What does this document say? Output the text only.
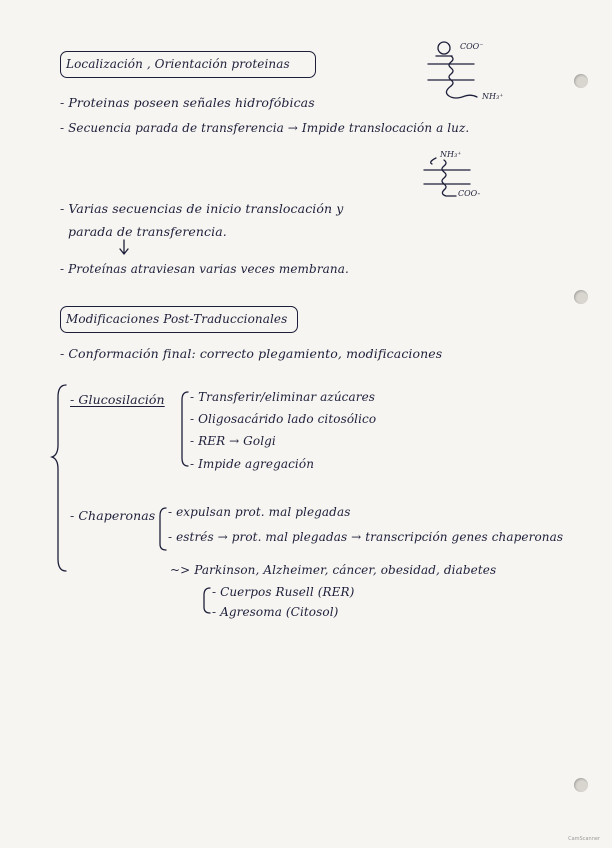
Localización , Orientación proteinas
COO⁻
NH₃⁺
- Proteinas poseen señales hidrofóbicas
- Secuencia parada de transferencia → Impide translocación a luz.
NH₃⁺
COO-
- Varias secuencias de inicio translocación y
parada de transferencia.
- Proteínas atraviesan varias veces membrana.
Modificaciones Post-Traduccionales
- Conformación final: correcto plegamiento, modificaciones
- Glucosilación - Transferir/eliminar azúcares
- Oligosacárido lado citosólico
- RER → Golgi
- Impide agregación
- Chaperonas - expulsan prot. mal plegadas
- estrés → prot. mal plegadas → transcripción genes chaperonas
~> Parkinson, Alzheimer, cáncer, obesidad, diabetes
- Cuerpos Rusell (RER)
- Agresoma (Citosol)
CamScanner
